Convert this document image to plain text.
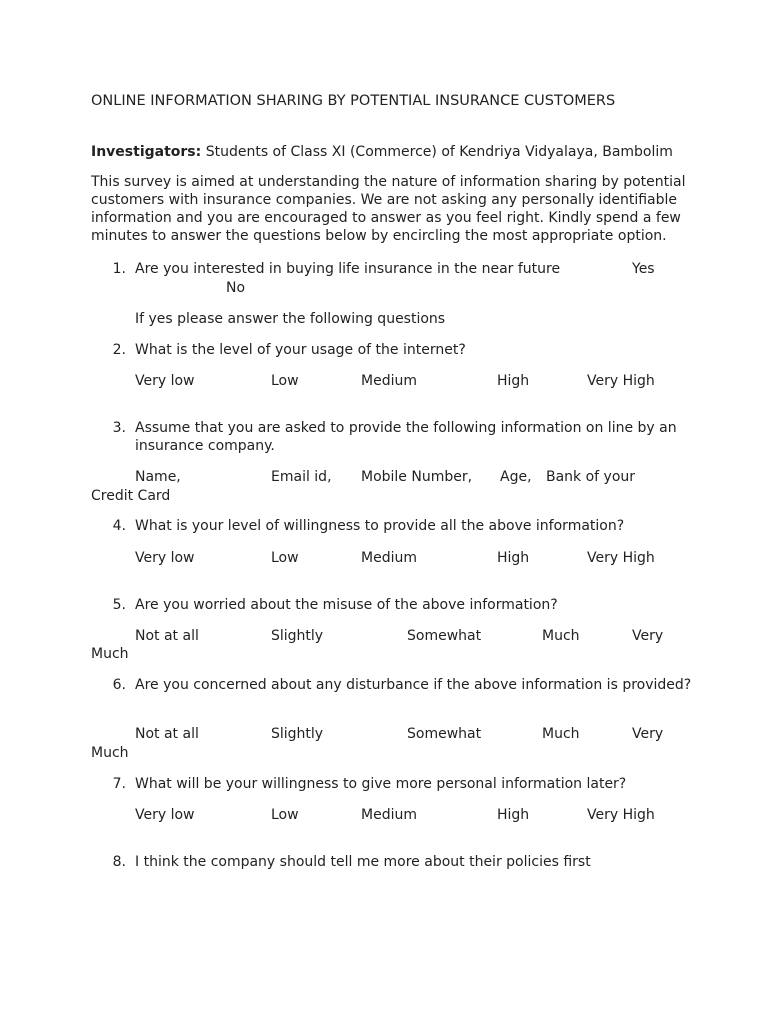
ONLINE INFORMATION SHARING BY POTENTIAL INSURANCE CUSTOMERS
Investigators: Students of Class XI (Commerce) of Kendriya Vidyalaya, Bambolim
This survey is aimed at understanding the nature of information sharing by potential customers with insurance companies. We are not asking any personally identifiable information and you are encouraged to answer as you feel right. Kindly spend a few minutes to answer the questions below by encircling the most appropriate option.
1. Are you interested in buying life insurance in the near future	Yes
No
If yes please answer the following questions
2. What is the level of your usage of the internet?
Very low	Low	Medium	High	Very High
3. Assume that you are asked to provide the following information on line by an insurance company.
Name,	Email id, Mobile Number, Age, Bank of your
Credit Card
4. What is your level of willingness to provide all the above information?
Very low	Low	Medium	High	Very High
5. Are you worried about the misuse of the above information?
Not at all	Slightly	Somewhat	Much	Very
Much
6. Are you concerned about any disturbance if the above information is provided?
Not at all	Slightly	Somewhat	Much	Very
Much
7. What will be your willingness to give more personal information later?
Very low	Low	Medium	High	Very High
8. I think the company should tell me more about their policies first
